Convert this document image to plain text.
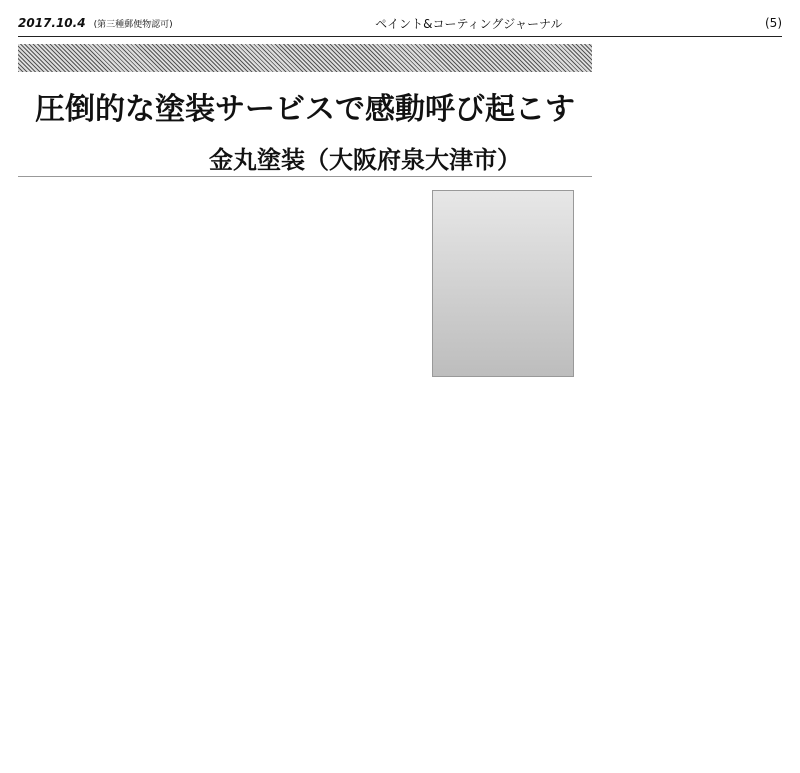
2017.10.4 (第三種郵便物認可)	ペイント&コーティングジャーナル	(5)
圧倒的な塗装サービスで感動呼び起こす
金丸塗装（大阪府泉大津市）
